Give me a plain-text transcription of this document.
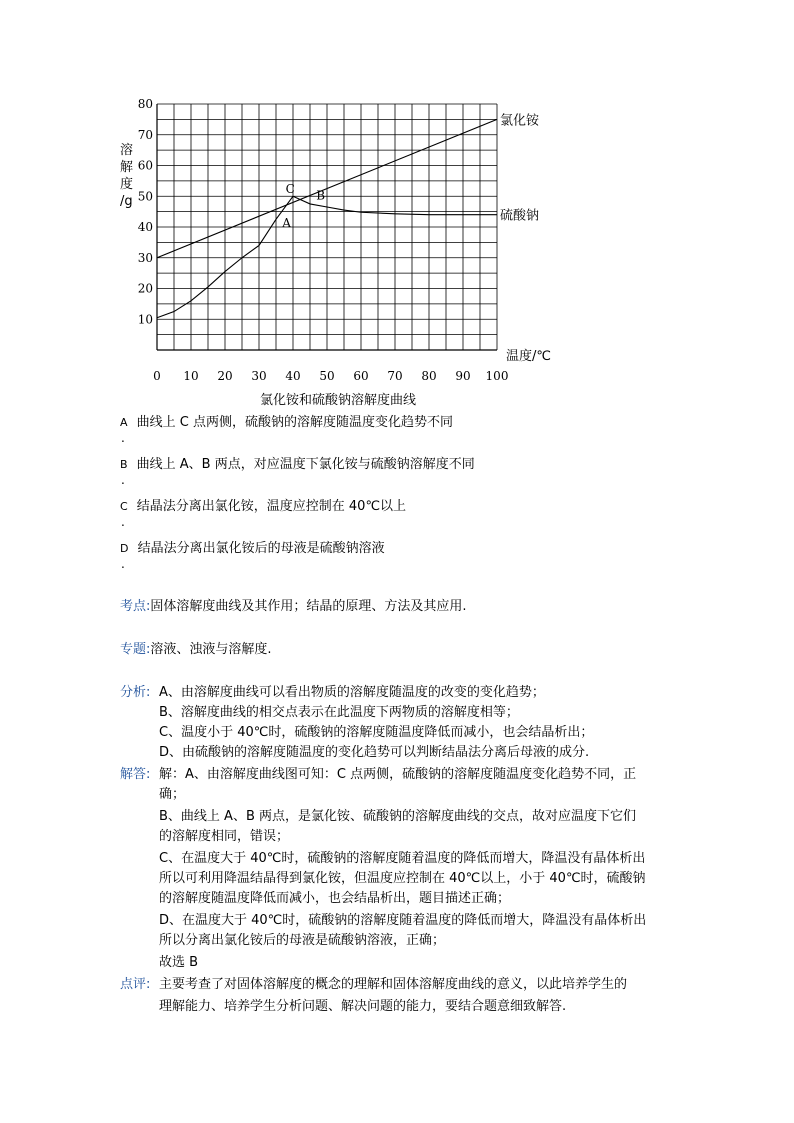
0 10 20 30 40 50 60 70 80 90 100
10
20
30
40
50
60
70
80
C B
A
溶
解
度
/g
温度/℃
氯化铵
硫酸钠
氯化铵和硫酸钠溶解度曲线
A 曲线上 C 点两侧，硫酸钠的溶解度随温度变化趋势不同
.
B 曲线上 A、B 两点，对应温度下氯化铵与硫酸钠溶解度不同
.
C 结晶法分离出氯化铵，温度应控制在 40℃以上
.
D 结晶法分离出氯化铵后的母液是硫酸钠溶液
.
考点:固体溶解度曲线及其作用；结晶的原理、方法及其应用.
专题:溶液、浊液与溶解度.
分析: A、由溶解度曲线可以看出物质的溶解度随温度的改变的变化趋势；
B、溶解度曲线的相交点表示在此温度下两物质的溶解度相等；
C、温度小于 40℃时，硫酸钠的溶解度随温度降低而减小，也会结晶析出；
D、由硫酸钠的溶解度随温度的变化趋势可以判断结晶法分离后母液的成分.
解答: 解：A、由溶解度曲线图可知：C 点两侧，硫酸钠的溶解度随温度变化趋势不同，正
确；
B、曲线上 A、B 两点，是氯化铵、硫酸钠的溶解度曲线的交点，故对应温度下它们
的溶解度相同，错误；
C、在温度大于 40℃时，硫酸钠的溶解度随着温度的降低而增大，降温没有晶体析出
所以可利用降温结晶得到氯化铵，但温度应控制在 40℃以上，小于 40℃时，硫酸钠
的溶解度随温度降低而减小，也会结晶析出，题目描述正确；
D、在温度大于 40℃时，硫酸钠的溶解度随着温度的降低而增大，降温没有晶体析出
所以分离出氯化铵后的母液是硫酸钠溶液，正确；
故选 B
点评: 主要考查了对固体溶解度的概念的理解和固体溶解度曲线的意义，以此培养学生的
理解能力、培养学生分析问题、解决问题的能力，要结合题意细致解答.
